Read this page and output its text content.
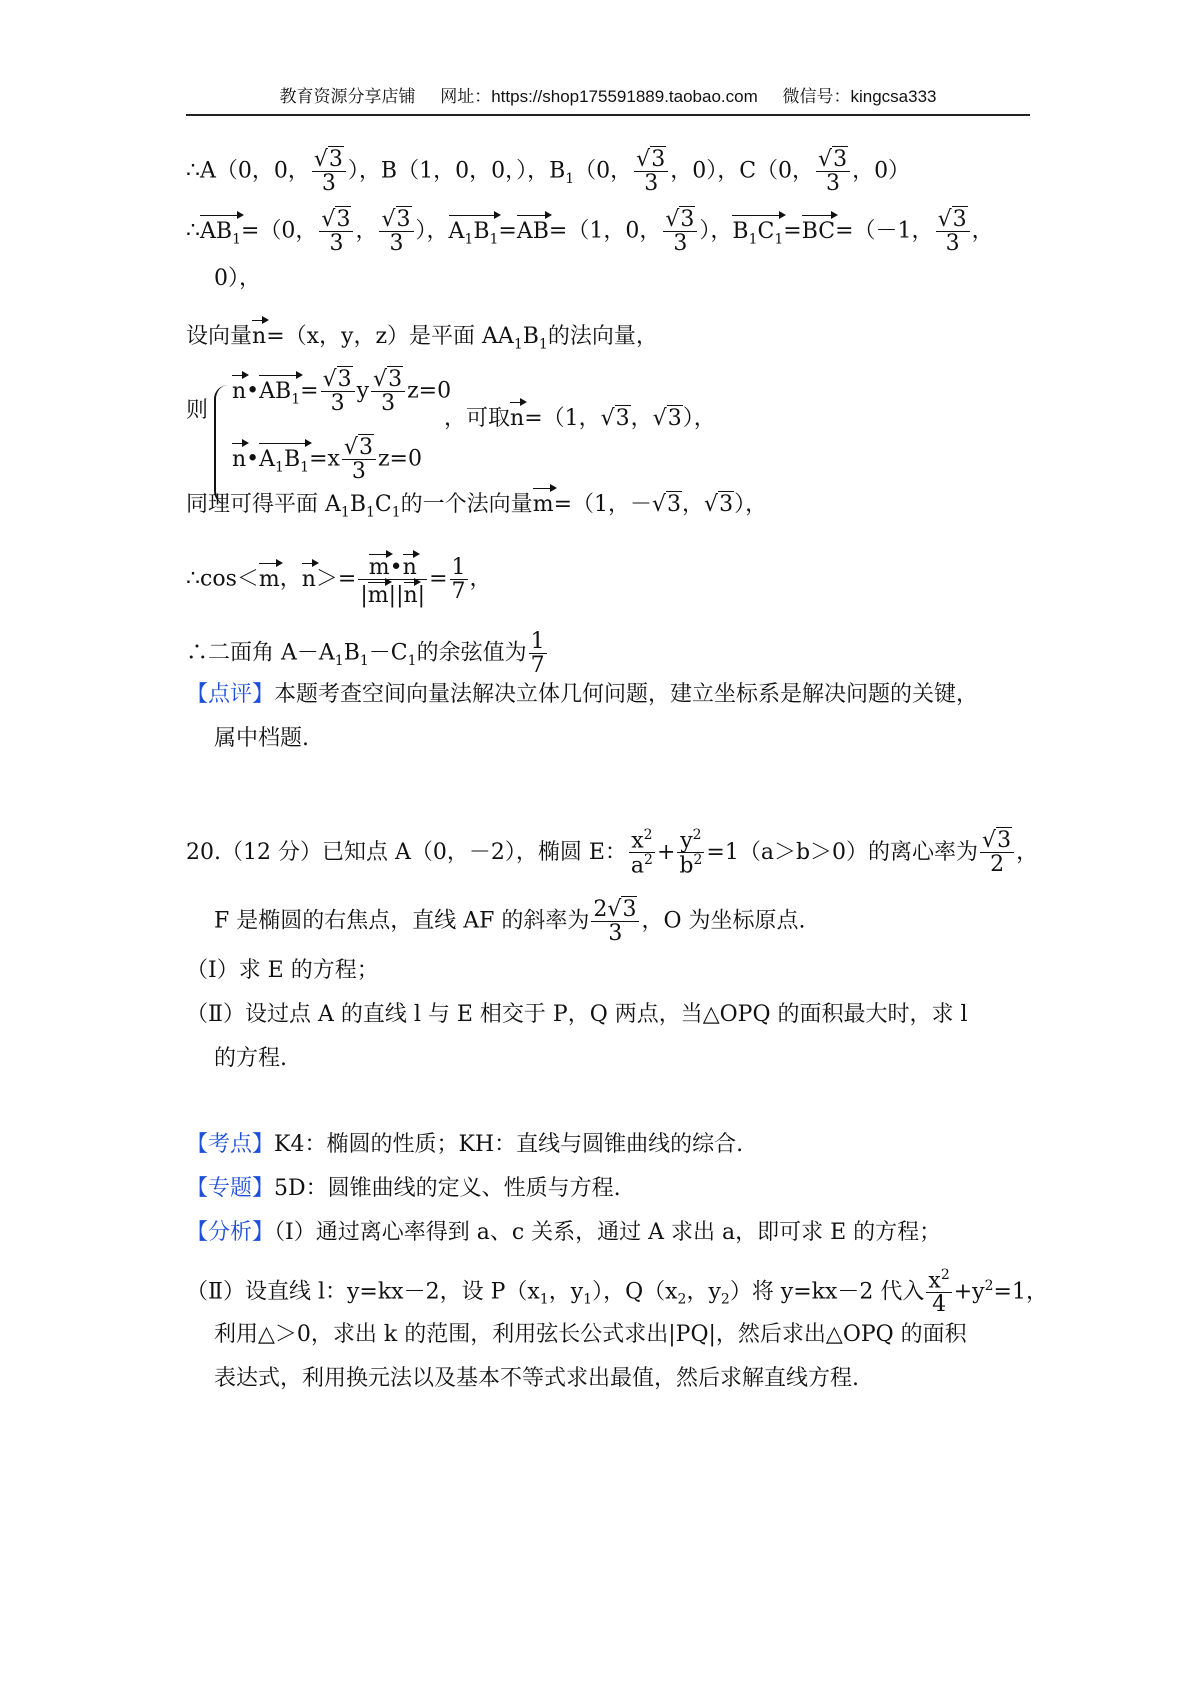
教育资源分享店铺 网址：https://shop175591889.taobao.com 微信号：kingcsa333
∴A（0，0， $\frac{√3}{3}$ ），B（1，0，0，），$B_1(0$， $\frac{√3}{3}$ ，0），C（0， $\frac{√3}{3}$ ，0）
$\therefore AB_1=(0$， $\frac{√3}{3}$ ， $\frac{√3}{3}$ ），$A_1B_1=AB=(1$，0， $\frac{√3}{3}$ ），$B_1C_1=BC=(-1$， $\frac{√3}{3}$ ，
0），
设向量n=（x，y，z）是平面 $AA_1B_1$的法向量，
则
$n•AB_1= \frac{√3}{3}$ y $\frac{√3}{3} z=0$
$n•A_1B_1=x \frac{√3}{3} z=0$
，可取n=（1，√3，√3），
同理可得平面 $A_1B_1C_1$的一个法向量m=（1，－√3，√3），
∴cos＜m，$n>= \frac{m•n}{|m||n|} = \frac{1}{7}$ ，
∴二面角 $A-A_1B_1-C_1$的余弦值为 $\frac{1}{7}$
【点评】本题考查空间向量法解决立体几何问题，建立坐标系是解决问题的关键，
属中档题.
20.（12 分）已知点 A（0，－2），椭圆 E： $\frac{x^2}{a^2} + \frac{y^2}{b^2} =1(a>b>0)$的离心率为 $\frac{√3}{2}$ ，
F 是椭圆的右焦点，直线 AF 的斜率为 $\frac{2√3}{3}$ ，O 为坐标原点.
（Ⅰ）求 E 的方程；
（Ⅱ）设过点 A 的直线 l 与 E 相交于 P，Q 两点，当△OPQ 的面积最大时，求 l
的方程.
【考点】K4：椭圆的性质；KH：直线与圆锥曲线的综合.
【专题】5D：圆锥曲线的定义、性质与方程.
【分析】（Ⅰ）通过离心率得到 a、c 关系，通过 A 求出 a，即可求 E 的方程；
（Ⅱ）设直线 l：y=kx－2，设 $P(x_1$，$y_1$），$Q(x_2$，$y_2$）将 y=kx－2 代入 $\frac{x^2}{4} +y^2=1$，
利用△＞0，求出 k 的范围，利用弦长公式求出|PQ|，然后求出△OPQ 的面积
表达式，利用换元法以及基本不等式求出最值，然后求解直线方程.
